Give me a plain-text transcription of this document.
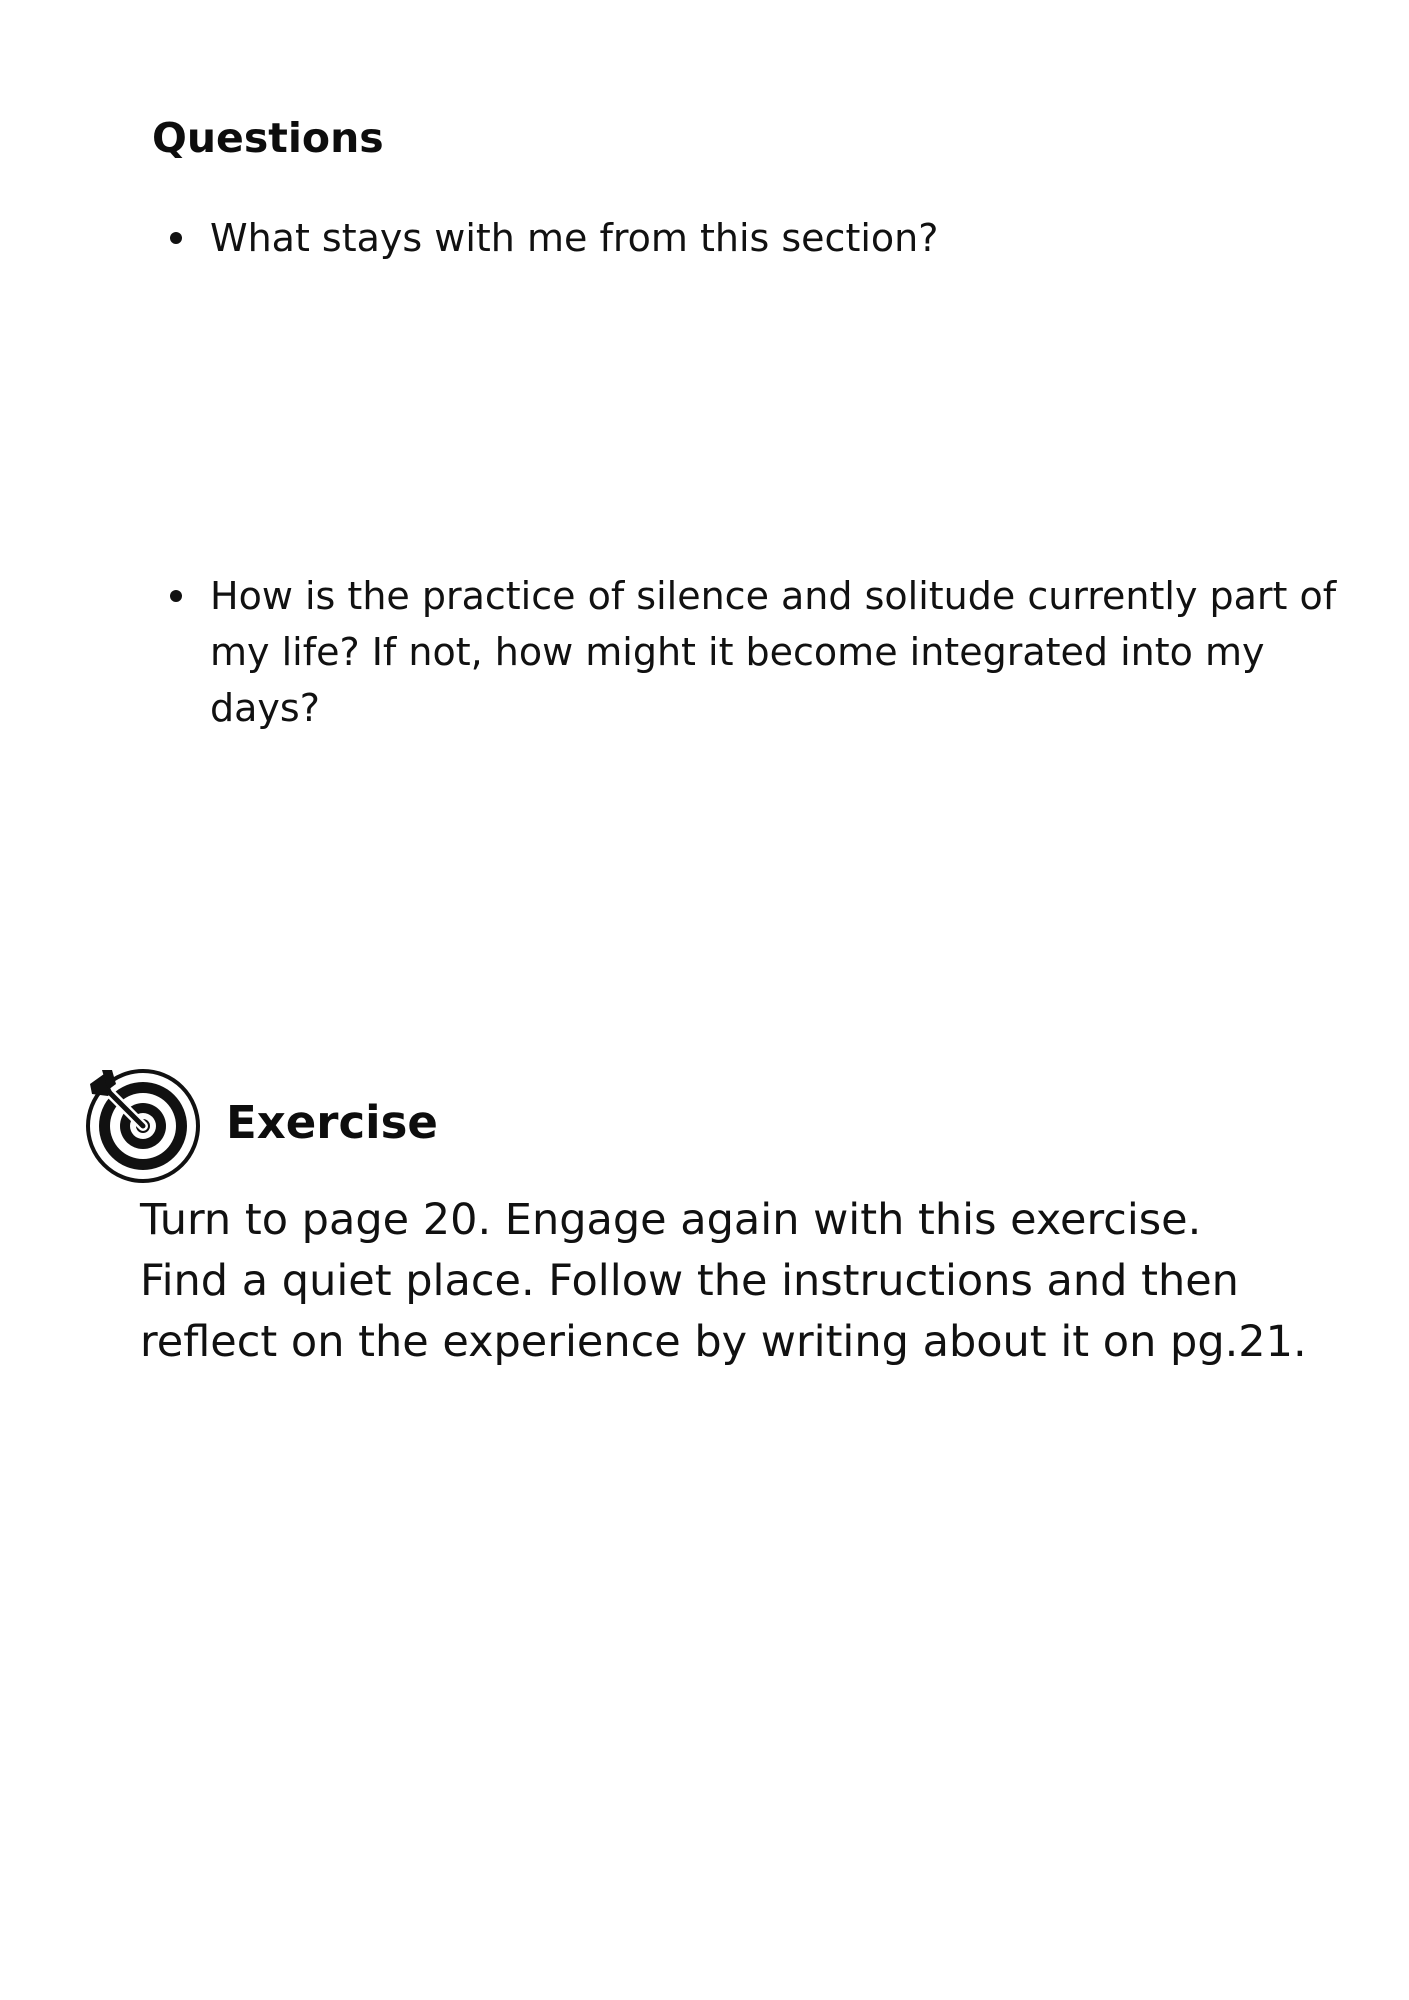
Questions
What stays with me from this section?
How is the practice of silence and solitude currently part of my life? If not, how might it become integrated into my days?
Exercise
Turn to page 20. Engage again with this exercise.
Find a quiet place. Follow the instructions and then
reflect on the experience by writing about it on pg.21.
